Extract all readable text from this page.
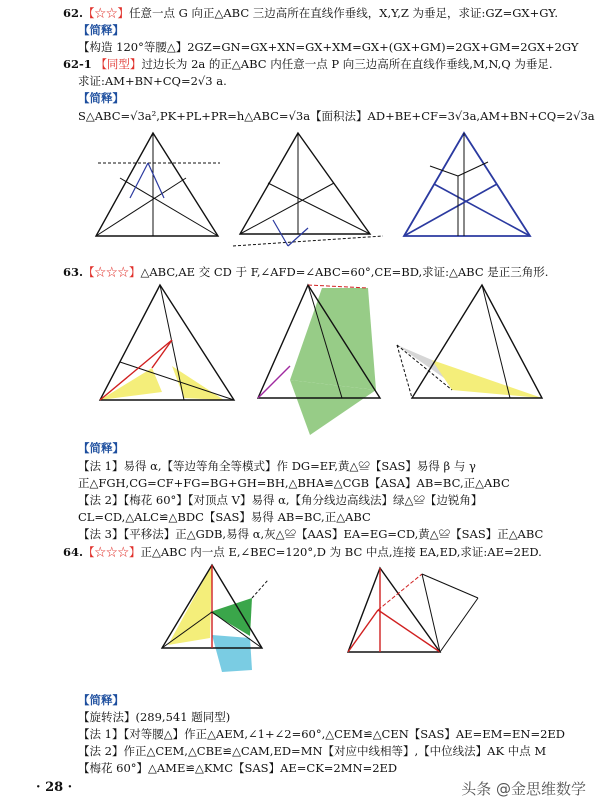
62.【☆☆】任意一点 G 向正△ABC 三边高所在直线作垂线，X,Y,Z 为垂足，求证:GZ=GX+GY.
【简释】
【构造 120°等腰△】2GZ=GN=GX+XN=GX+XM=GX+(GX+GM)=2GX+GM=2GX+2GY
62-1 【同型】过边长为 2a 的正△ABC 内任意一点 P 向三边高所在直线作垂线,M,N,Q 为垂足.
求证:AM+BN+CQ=2√3 a.
【简释】
S△ABC=√3a²,PK+PL+PR=h△ABC=√3a【面积法】AD+BE+CF=3√3a,AM+BN+CQ=2√3a
63.【☆☆☆】△ABC,AE 交 CD 于 F,∠AFD=∠ABC=60°,CE=BD,求证:△ABC 是正三角形.
【简释】
【法 1】易得 α,【等边等角全等模式】作 DG=EF,黄△≌【SAS】易得 β 与 γ
正△FGH,CG=CF+FG=BG+GH=BH,△BHA≌△CGB【ASA】AB=BC,正△ABC
【法 2】【梅花 60°】【对顶点 V】易得 α,【角分线边高线法】绿△≌【边锐角】
CL=CD,△ALC≌△BDC【SAS】易得 AB=BC,正△ABC
【法 3】【平移法】正△GDB,易得 α,灰△≌【AAS】EA=EG=CD,黄△≌【SAS】正△ABC
64.【☆☆☆】正△ABC 内一点 E,∠BEC=120°,D 为 BC 中点,连接 EA,ED,求证:AE=2ED.
【简释】
【旋转法】(289,541 题同型)
【法 1】【对等腰△】作正△AEM,∠1+∠2=60°,△CEM≌△CEN【SAS】AE=EM=EN=2ED
【法 2】作正△CEM,△CBE≌△CAM,ED=MN【对应中线相等】,【中位线法】AK 中点 M
【梅花 60°】△AME≌△KMC【SAS】AE=CK=2MN=2ED
· 28 ·	头条 @金思维数学
